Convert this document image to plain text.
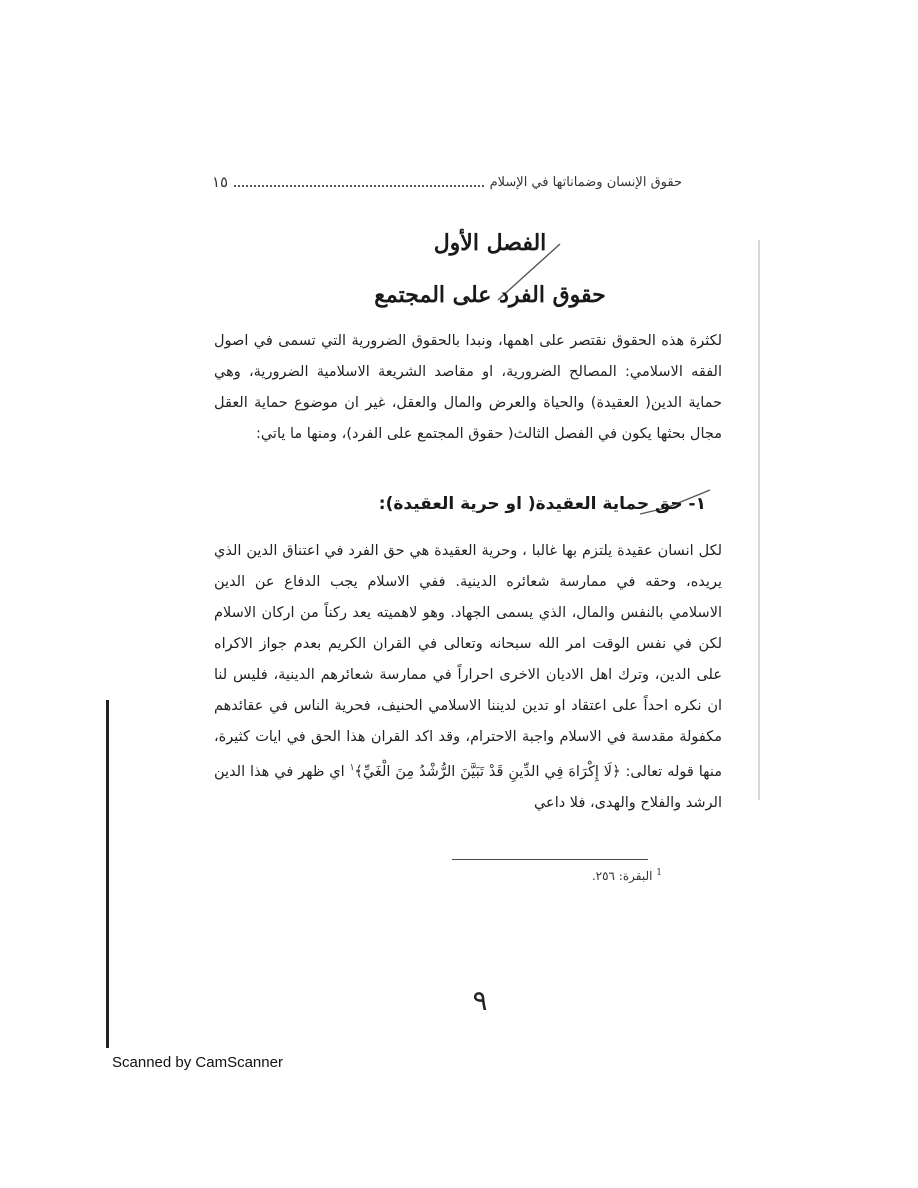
حقوق الإنسان وضماناتها في الإسلام
١٥
الفصل الأول
حقوق الفرد على المجتمع
لكثرة هذه الحقوق نقتصر على اهمها، ونبدا بالحقوق الضرورية التي تسمى في اصول الفقه الاسلامي: المصالح الضرورية، او مقاصد الشريعة الاسلامية الضرورية، وهي حماية الدين( العقيدة) والحياة والعرض والمال والعقل، غير ان موضوع حماية العقل مجال بحثها يكون في الفصل الثالث( حقوق المجتمع على الفرد)، ومنها ما ياتي:
١- حق حماية العقيدة( او حرية العقيدة):
لكل انسان عقيدة يلتزم بها غالبا ، وحرية العقيدة هي حق الفرد في اعتناق الدين الذي يريده، وحقه في ممارسة شعائره الدينية. ففي الاسلام يجب الدفاع عن الدين الاسلامي بالنفس والمال، الذي يسمى الجهاد. وهو لاهميته يعد ركناً من اركان الاسلام لكن في نفس الوقت امر الله سبحانه وتعالى في القران الكريم بعدم جواز الاكراه على الدين، وترك اهل الاديان الاخرى احراراً في ممارسة شعائرهم الدينية، فليس لنا ان نكره احداً على اعتقاد او تدين لديننا الاسلامي الحنيف، فحرية الناس في عقائدهم مكفولة مقدسة في الاسلام واجبة الاحترام، وقد اكد القران هذا الحق في ايات كثيرة، منها قوله تعالى: ﴿لَا إِكْرَاهَ فِي الدِّينِ قَدْ تَبَيَّنَ الرُّشْدُ مِنَ الْغَيِّ﴾$^١$ اي ظهر في هذا الدين الرشد والفلاح والهدى، فلا داعي
$^1$ البقرة: ٢٥٦.
٩
Scanned by CamScanner
